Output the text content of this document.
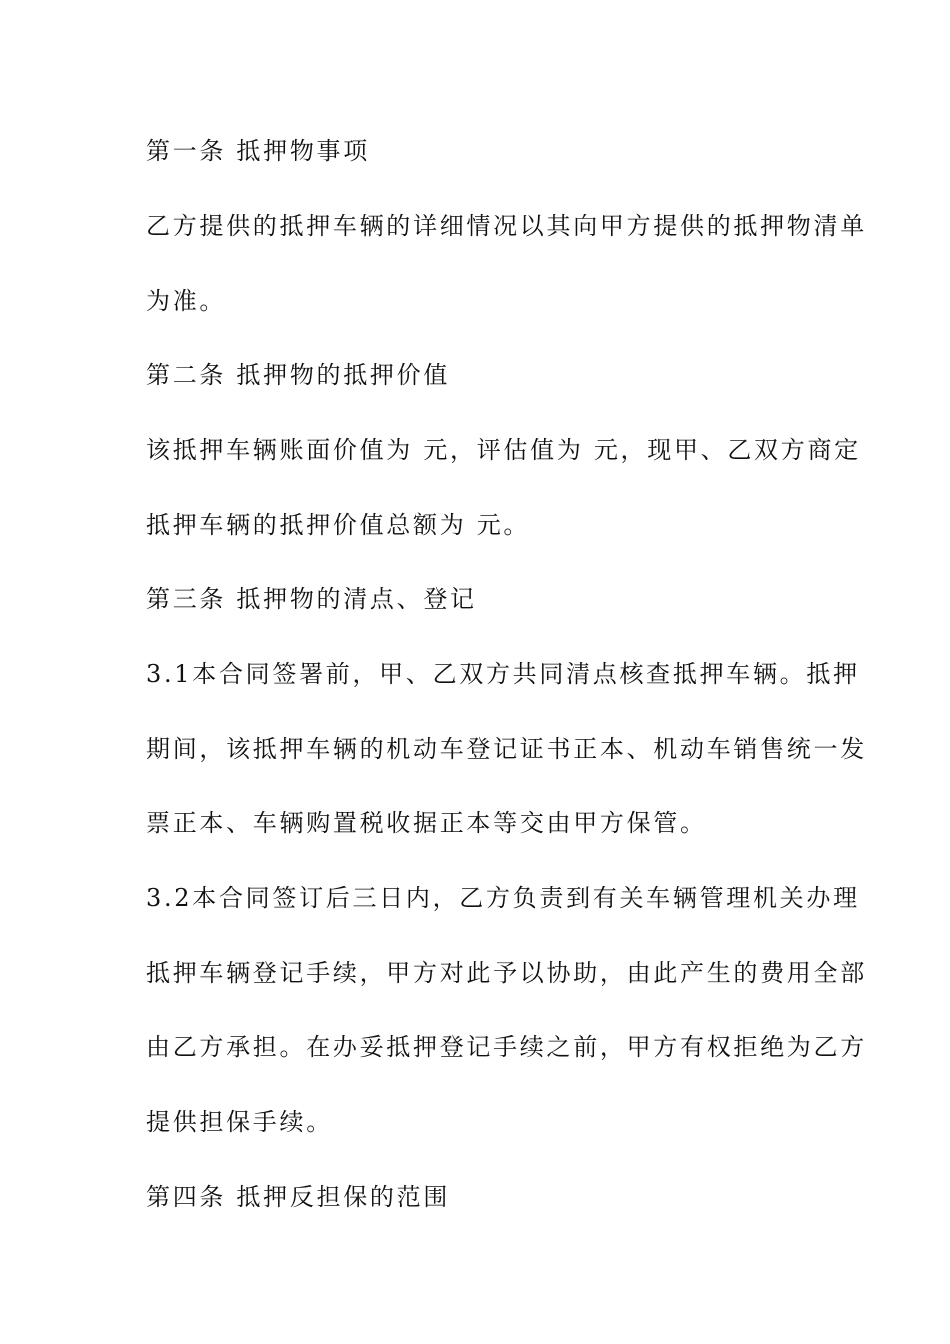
第一条 抵押物事项
乙方提供的抵押车辆的详细情况以其向甲方提供的抵押物清单
为准。
第二条 抵押物的抵押价值
该抵押车辆账面价值为 元，评估值为 元，现甲、乙双方商定
抵押车辆的抵押价值总额为 元。
第三条 抵押物的清点、登记
3.1本合同签署前，甲、乙双方共同清点核查抵押车辆。抵押
期间，该抵押车辆的机动车登记证书正本、机动车销售统一发
票正本、车辆购置税收据正本等交由甲方保管。
3.2本合同签订后三日内，乙方负责到有关车辆管理机关办理
抵押车辆登记手续，甲方对此予以协助，由此产生的费用全部
由乙方承担。在办妥抵押登记手续之前，甲方有权拒绝为乙方
提供担保手续。
第四条 抵押反担保的范围
